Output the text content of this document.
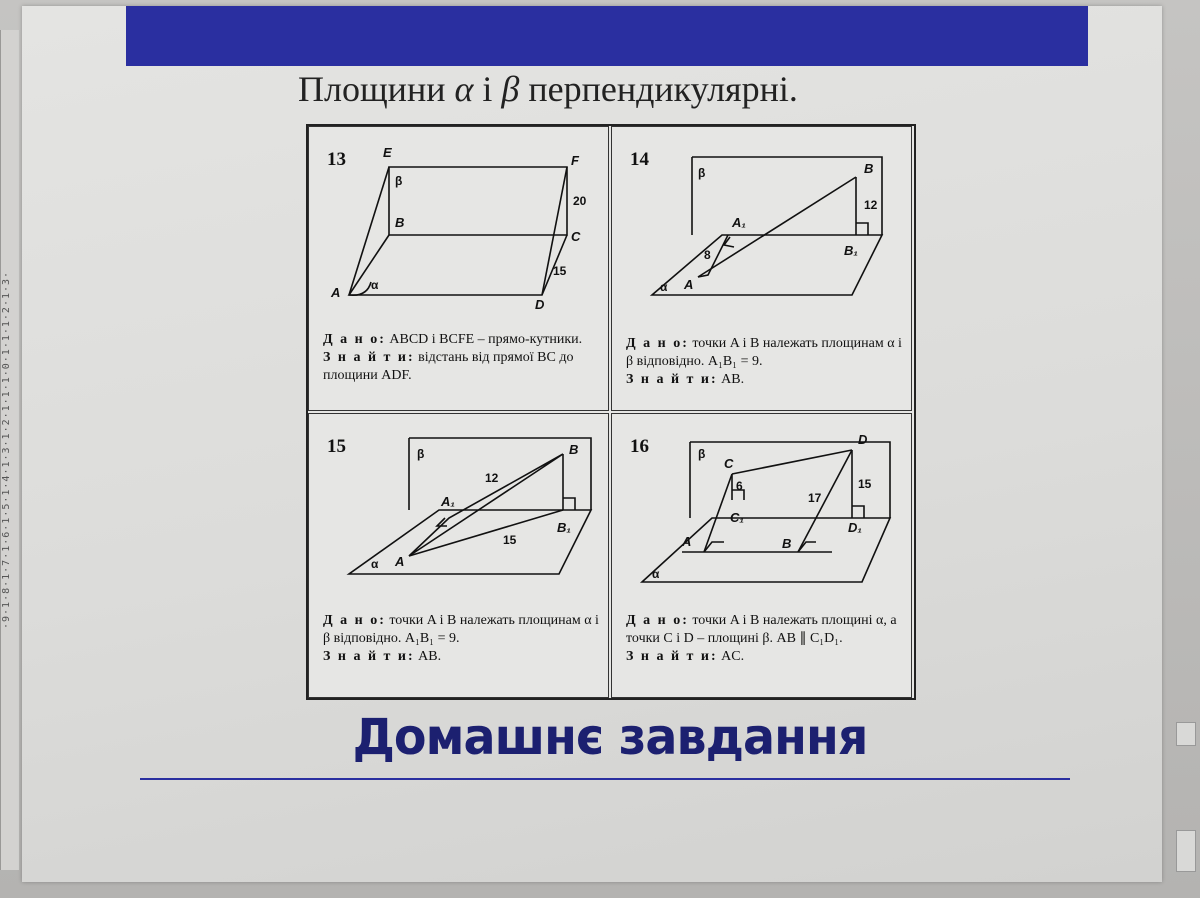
·9·1·8·1·7·1·6·1·5·1·4·1·3·1·2·1·1·1·0·1·1·1·2·1·3·
Площини α і β перпендикулярні.
13	E
F
B
C
A
D
β
α
20
15
Д а н о: ABCD і BCFE – прямо-кутники.
З н а й т и: відстань від прямої BC до площини ADF.
14	B
A₁
B₁
A
β
α
12
8
Д а н о: точки A і B належать площинам α і β відповідно. A₁B₁ = 9.
З н а й т и: AB.
15	B
A₁
B₁
A
β
α
12
15
Д а н о: точки A і B належать площинам α і β відповідно. A₁B₁ = 9.
З н а й т и: AB.
16
C
D
C₁
D₁
A	B
β
α
6
17
15
Д а н о: точки A і B належать площині α, а точки C і D – площині β. AB ∥ C₁D₁.
З н а й т и: AC.
Домашнє завдання
